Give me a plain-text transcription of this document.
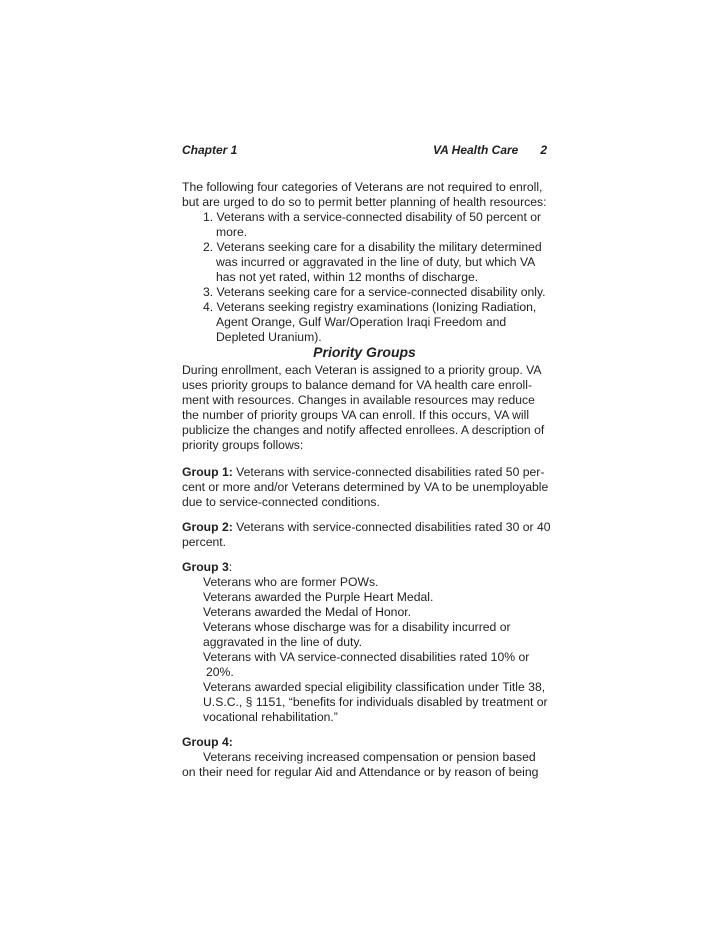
Chapter 1	VA Health Care 2
The following four categories of Veterans are not required to enroll,
but are urged to do so to permit better planning of health resources:
1. Veterans with a service-connected disability of 50 percent or
more.
2. Veterans seeking care for a disability the military determined
was incurred or aggravated in the line of duty, but which VA
has not yet rated, within 12 months of discharge.
3. Veterans seeking care for a service-connected disability only.
4. Veterans seeking registry examinations (Ionizing Radiation,
Agent Orange, Gulf War/Operation Iraqi Freedom and
Depleted Uranium).
Priority Groups
During enrollment, each Veteran is assigned to a priority group. VA
uses priority groups to balance demand for VA health care enroll-
ment with resources. Changes in available resources may reduce
the number of priority groups VA can enroll. If this occurs, VA will
publicize the changes and notify affected enrollees. A description of
priority groups follows:
Group 1: Veterans with service-connected disabilities rated 50 per-
cent or more and/or Veterans determined by VA to be unemployable
due to service-connected conditions.
Group 2: Veterans with service-connected disabilities rated 30 or 40
percent.
Group 3:
Veterans who are former POWs.
Veterans awarded the Purple Heart Medal.
Veterans awarded the Medal of Honor.
Veterans whose discharge was for a disability incurred or
aggravated in the line of duty.
Veterans with VA service-connected disabilities rated 10% or
20%.
Veterans awarded special eligibility classification under Title 38,
U.S.C., § 1151, “benefits for individuals disabled by treatment or
vocational rehabilitation.”
Group 4:
Veterans receiving increased compensation or pension based
on their need for regular Aid and Attendance or by reason of being
